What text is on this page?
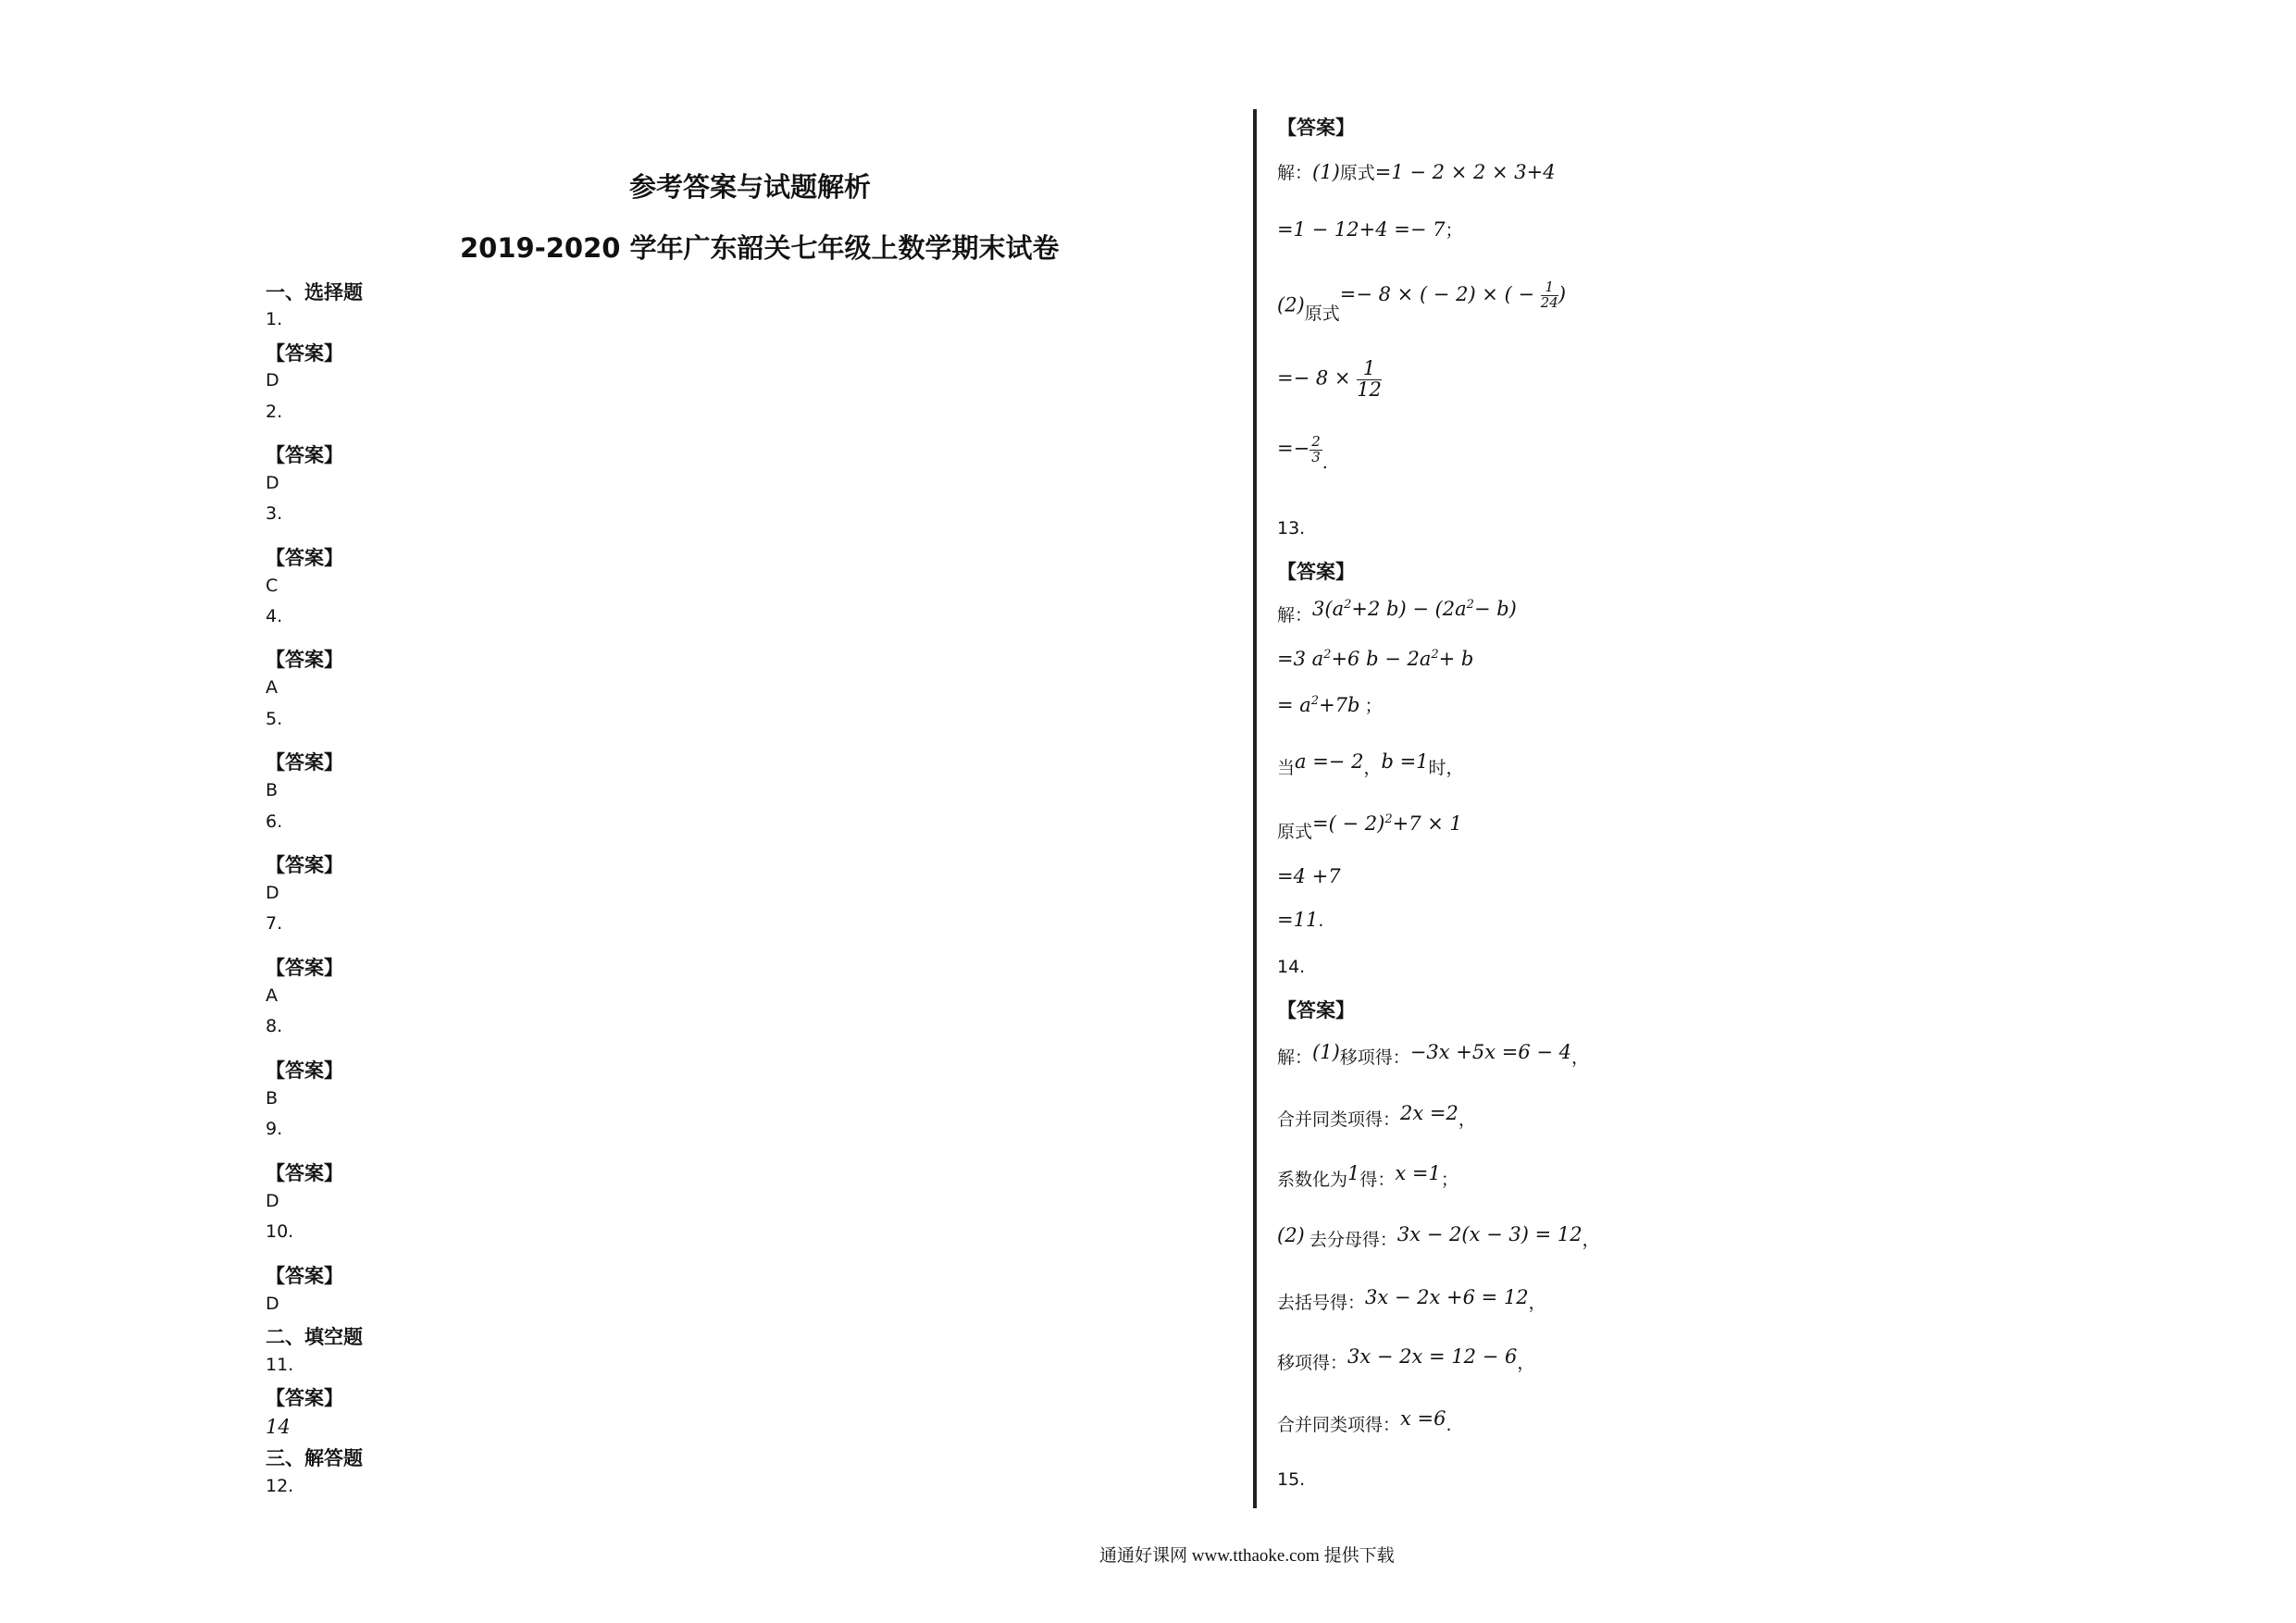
参考答案与试题解析
2019-2020 学年广东韶关七年级上数学期末试卷
一、选择题
1.
【答案】
D
2.
【答案】
D
3.
【答案】
C
4.
【答案】
A
5.
【答案】
B
6.
【答案】
D
7.
【答案】
A
8.
【答案】
B
9.
【答案】
D
10.
【答案】
D
二、填空题
11.
【答案】
14
三、解答题
12.
【答案】
解：(1)原式=1 − 2 × 2 × 3+4
=1 − 12+4 =− 7；
(2)原式=− 8 × ( − 2) × ( − $\frac{1}{24}$ )
=− $8 \times \frac{1}{12}$
=− $\frac{2}{3}$ .
13.
【答案】
解：$3(a^2+2$ $b) - (2a^2- b)$
=3 $a^2+6$ $b - 2a^2+ b$
= $a^2+7b$ ；
当a =− 2，b =1时，
原式=( − 2)$^2$+7 × 1
=4 +7
=11.
14.
【答案】
解：(1)移项得：−3x +5x =6 − 4，
合并同类项得：2x =2，
系数化为1得：x =1；
(2) 去分母得：3x − 2(x − 3) = 12，
去括号得：3x − 2x +6 = 12，
移项得：3x − 2x = 12 − 6，
合并同类项得：x =6.
15.
通通好课网 www.tthaoke.com 提供下载
